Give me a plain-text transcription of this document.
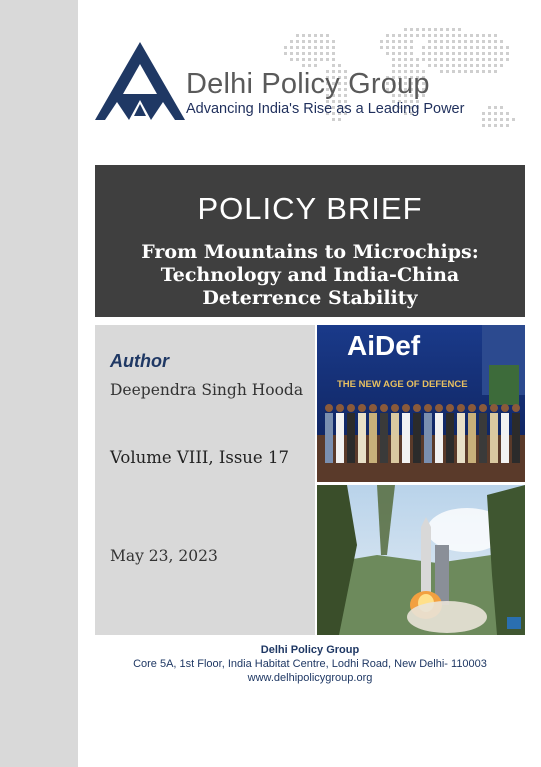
Delhi Policy Group
Advancing India's Rise as a Leading Power
POLICY BRIEF
From Mountains to Microchips:
Technology and India-China
Deterrence Stability
Author
Deependra Singh Hooda
Volume VIII, Issue 17
May 23, 2023
AiDef
THE NEW AGE OF DEFENCE
Delhi Policy Group
Core 5A, 1st Floor, India Habitat Centre, Lodhi Road, New Delhi- 110003
www.delhipolicygroup.org
